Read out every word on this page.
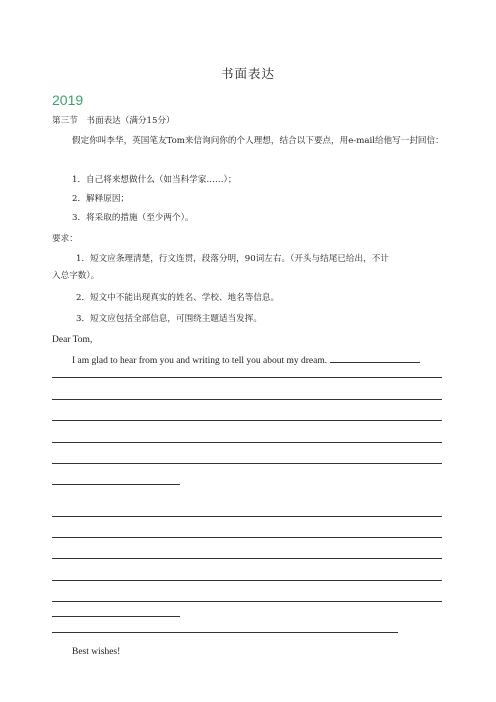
书面表达
2019
第三节　书面表达（满分15分）
假定你叫李华，英国笔友Tom来信询问你的个人理想，结合以下要点，用e-mail给他写一封回信：
1．自己将来想做什么（如当科学家……）；
2．解释原因；
3．将采取的措施（至少两个）。
要求：
1．短文应条理清楚，行文连贯，段落分明，90词左右。（开头与结尾已给出，不计
入总字数）。
2．短文中不能出现真实的姓名、学校、地名等信息。
3．短文应包括全部信息，可围绕主题适当发挥。
Dear Tom,
I am glad to hear from you and writing to tell you about my dream.
Best wishes!
